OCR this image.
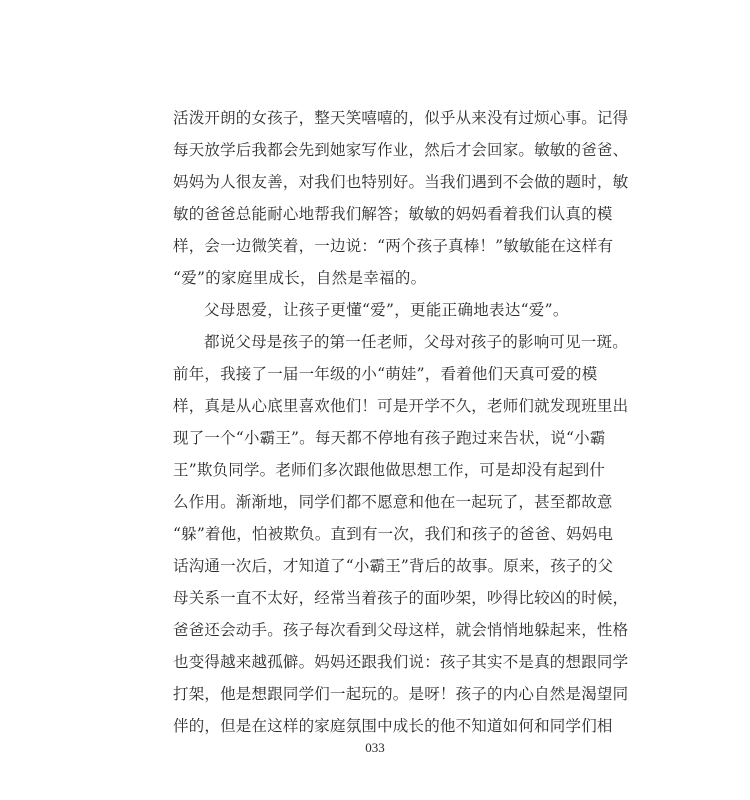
活泼开朗的女孩子，整天笑嘻嘻的，似乎从来没有过烦心事。记得
每天放学后我都会先到她家写作业，然后才会回家。敏敏的爸爸、
妈妈为人很友善，对我们也特别好。当我们遇到不会做的题时，敏
敏的爸爸总能耐心地帮我们解答；敏敏的妈妈看着我们认真的模
样，会一边微笑着，一边说：“两个孩子真棒！”敏敏能在这样有
“爱”的家庭里成长，自然是幸福的。
父母恩爱，让孩子更懂“爱”，更能正确地表达“爱”。
都说父母是孩子的第一任老师，父母对孩子的影响可见一斑。
前年，我接了一届一年级的小“萌娃”，看着他们天真可爱的模
样，真是从心底里喜欢他们！可是开学不久，老师们就发现班里出
现了一个“小霸王”。每天都不停地有孩子跑过来告状，说“小霸
王”欺负同学。老师们多次跟他做思想工作，可是却没有起到什
么作用。渐渐地，同学们都不愿意和他在一起玩了，甚至都故意
“躲”着他，怕被欺负。直到有一次，我们和孩子的爸爸、妈妈电
话沟通一次后，才知道了“小霸王”背后的故事。原来，孩子的父
母关系一直不太好，经常当着孩子的面吵架，吵得比较凶的时候，
爸爸还会动手。孩子每次看到父母这样，就会悄悄地躲起来，性格
也变得越来越孤僻。妈妈还跟我们说：孩子其实不是真的想跟同学
打架，他是想跟同学们一起玩的。是呀！孩子的内心自然是渴望同
伴的，但是在这样的家庭氛围中成长的他不知道如何和同学们相
033
